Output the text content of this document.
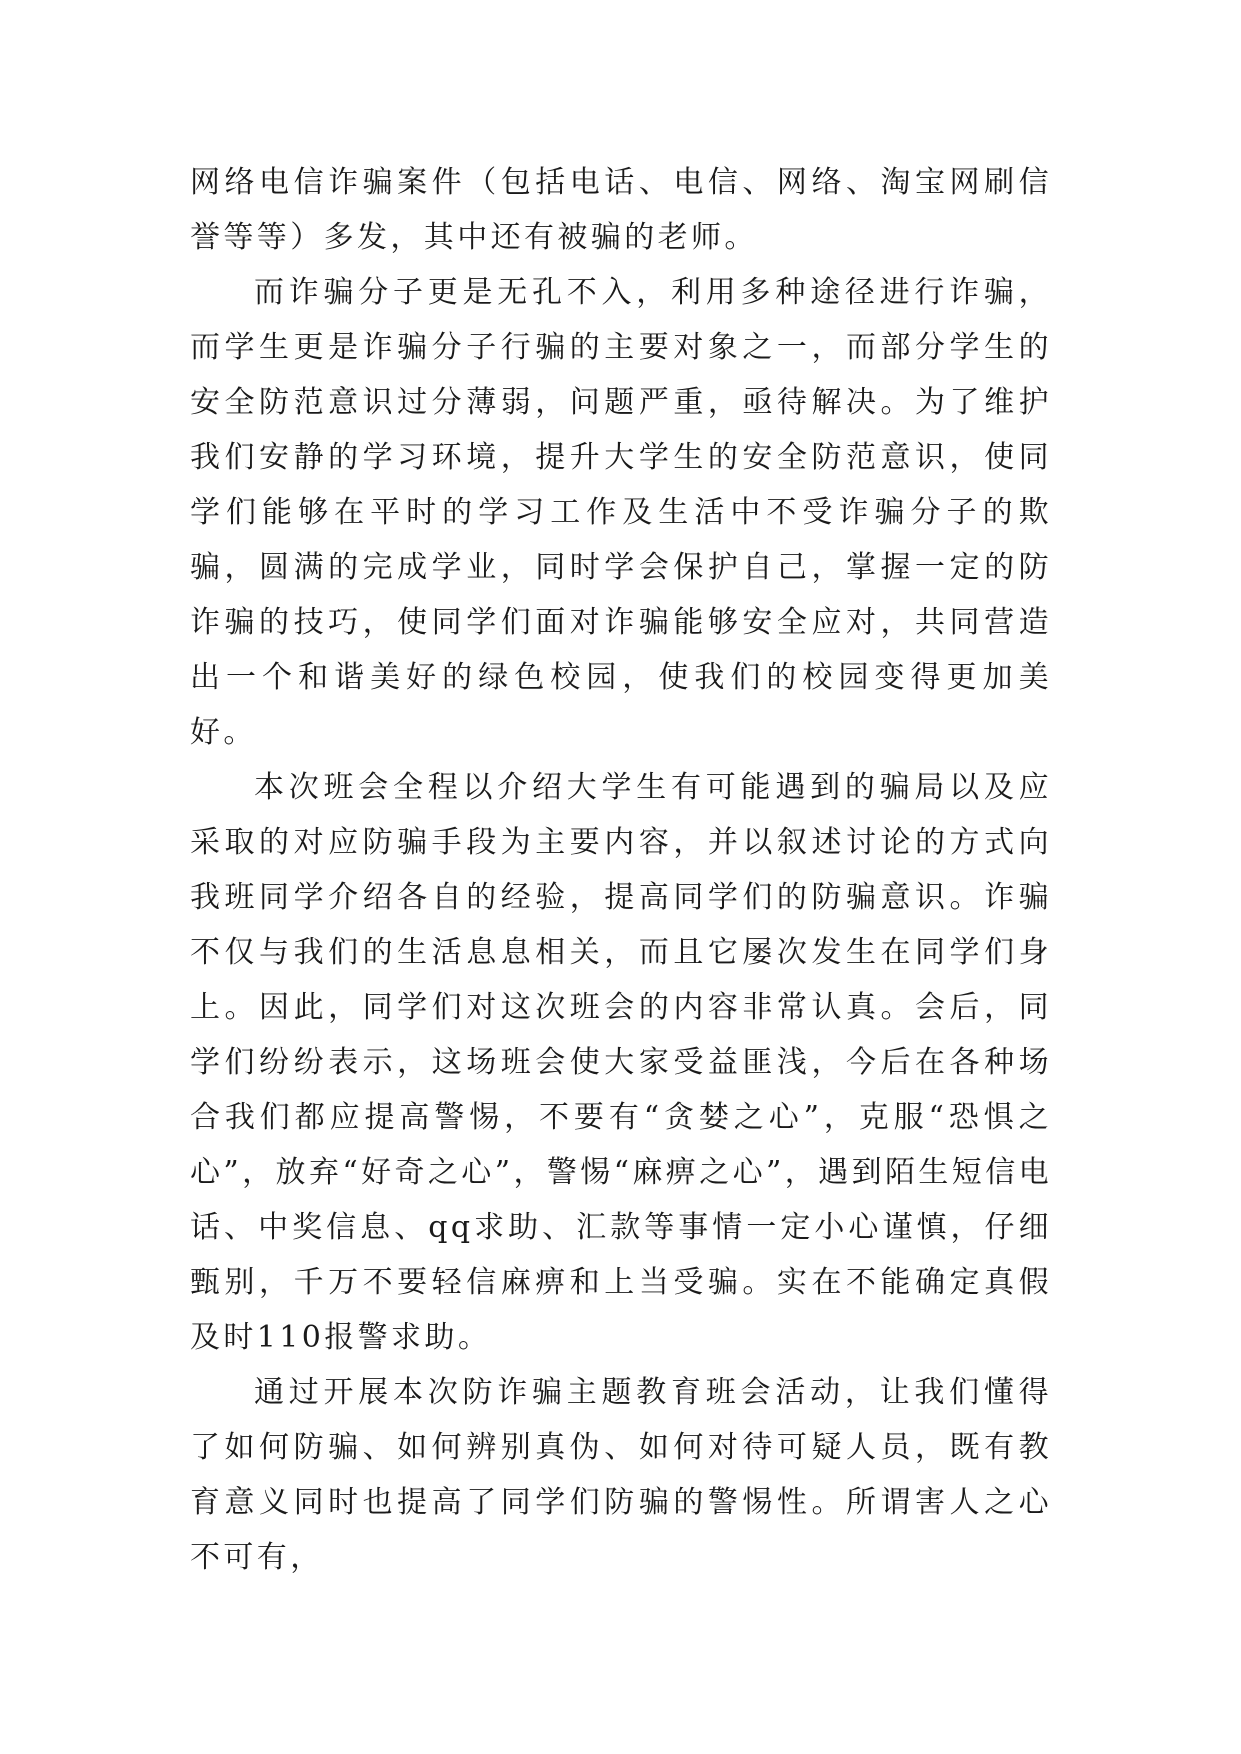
网络电信诈骗案件（包括电话、电信、网络、淘宝网刷信誉等等）多发，其中还有被骗的老师。

而诈骗分子更是无孔不入，利用多种途径进行诈骗，而学生更是诈骗分子行骗的主要对象之一，而部分学生的安全防范意识过分薄弱，问题严重，亟待解决。为了维护我们安静的学习环境，提升大学生的安全防范意识，使同学们能够在平时的学习工作及生活中不受诈骗分子的欺骗，圆满的完成学业，同时学会保护自己，掌握一定的防诈骗的技巧，使同学们面对诈骗能够安全应对，共同营造出一个和谐美好的绿色校园，使我们的校园变得更加美好。

本次班会全程以介绍大学生有可能遇到的骗局以及应采取的对应防骗手段为主要内容，并以叙述讨论的方式向我班同学介绍各自的经验，提高同学们的防骗意识。诈骗不仅与我们的生活息息相关，而且它屡次发生在同学们身上。因此，同学们对这次班会的内容非常认真。会后，同学们纷纷表示，这场班会使大家受益匪浅，今后在各种场合我们都应提高警惕，不要有“贪婪之心”，克服“恐惧之心”，放弃“好奇之心”，警惕“麻痹之心”，遇到陌生短信电话、中奖信息、qq求助、汇款等事情一定小心谨慎，仔细甄别，千万不要轻信麻痹和上当受骗。实在不能确定真假及时110报警求助。

通过开展本次防诈骗主题教育班会活动，让我们懂得了如何防骗、如何辨别真伪、如何对待可疑人员，既有教育意义同时也提高了同学们防骗的警惕性。所谓害人之心不可有，
